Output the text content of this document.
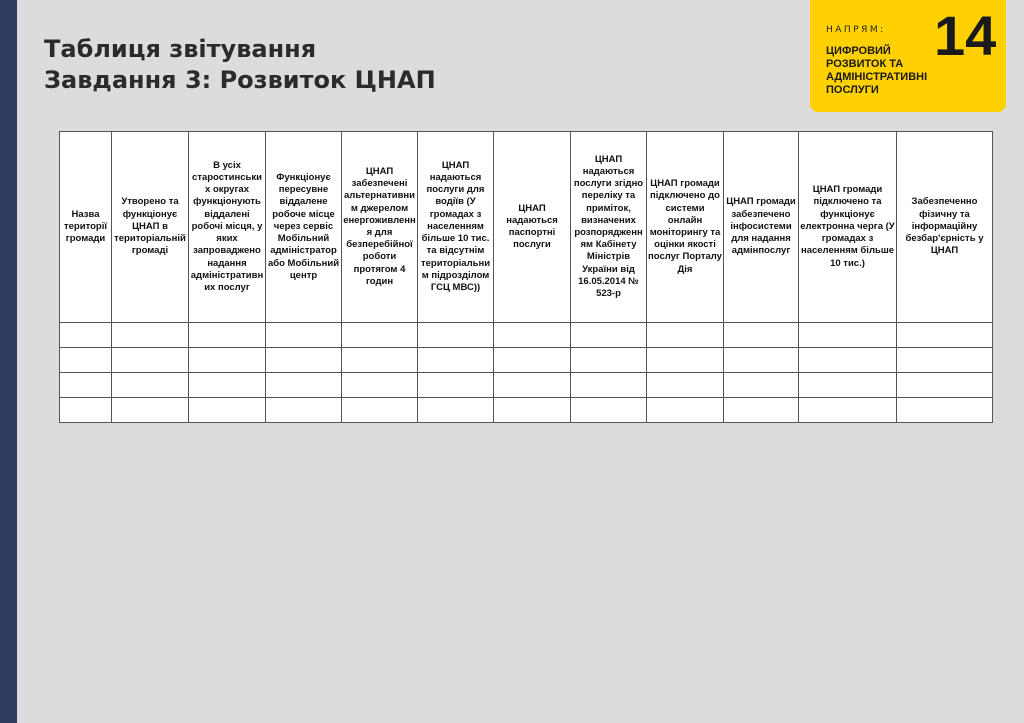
Таблиця звітування
Завдання 3: Розвиток ЦНАП
НАПРЯМ: 14
ЦИФРОВИЙ
РОЗВИТОК ТА
АДМІНІСТРАТИВНІ
ПОСЛУГИ
Назва території громади	Утворено та функціонує ЦНАП в територіальній громаді	В усіх старостинських округах функціонують віддалені робочі місця, у яких запроваджено надання адміністративних послуг	Функціонує пересувне віддалене робоче місце через сервіс Мобільний адміністратор або Мобільний центр	ЦНАП забезпечені альтернативним джерелом енергоживлення для безперебійної роботи протягом 4 годин	ЦНАП надаються послуги для водіїв (У громадах з населенням більше 10 тис. та відсутнім територіальним підрозділом ГСЦ МВС))	ЦНАП надаються паспортні послуги	ЦНАП надаються послуги згідно переліку та приміток, визначених розпорядженням Кабінету Міністрів України від 16.05.2014 № 523-р	ЦНАП громади підключено до системи онлайн моніторингу та оцінки якості послуг Порталу Дія	ЦНАП громади забезпечено інфосистеми для надання адмінпослуг	ЦНАП громади підключено та функціонує електронна черга (У громадах з населенням більше 10 тис.)	Забезпеченно фізичну та інформаційну безбар'єрність у ЦНАП
